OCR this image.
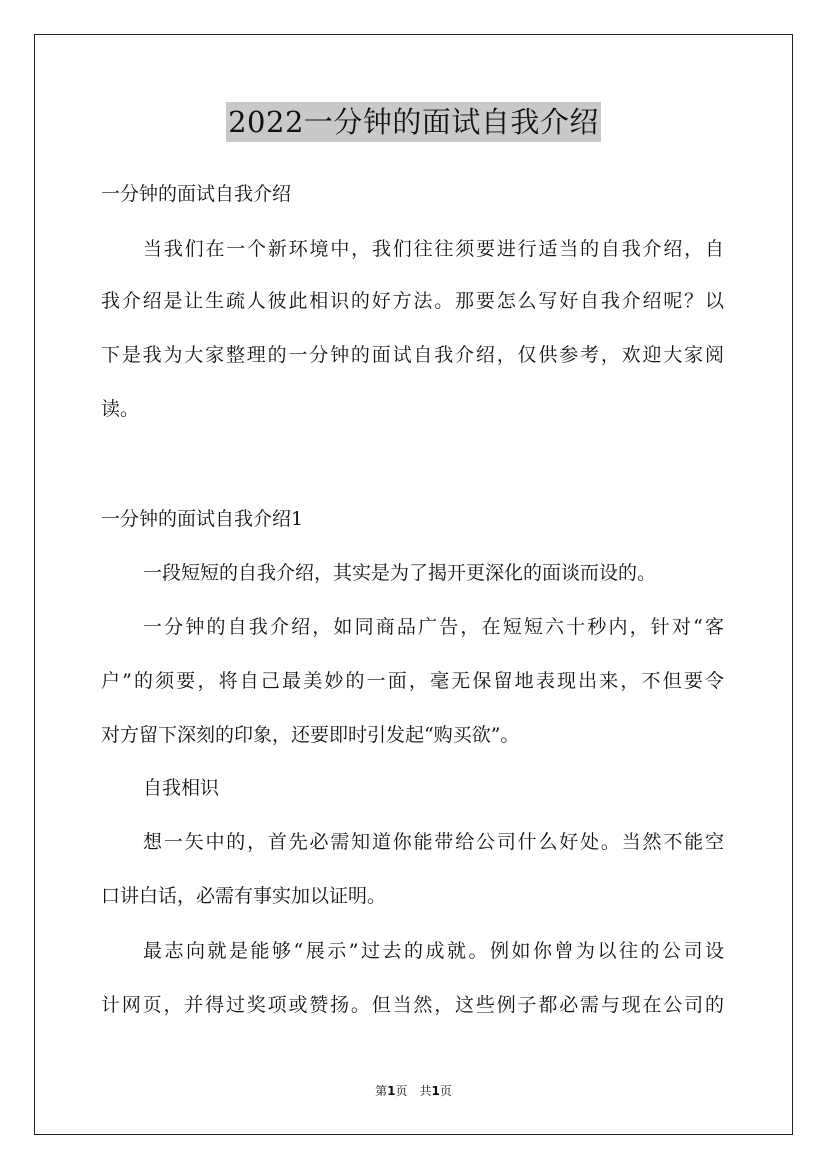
2022一分钟的面试自我介绍
一分钟的面试自我介绍
当我们在一个新环境中，我们往往须要进行适当的自我介绍，自
我介绍是让生疏人彼此相识的好方法。那要怎么写好自我介绍呢？以
下是我为大家整理的一分钟的面试自我介绍，仅供参考，欢迎大家阅
读。
一分钟的面试自我介绍1
一段短短的自我介绍，其实是为了揭开更深化的面谈而设的。
一分钟的自我介绍，如同商品广告，在短短六十秒内，针对“客
户”的须要，将自己最美妙的一面，毫无保留地表现出来，不但要令
对方留下深刻的印象，还要即时引发起“购买欲”。
自我相识
想一矢中的，首先必需知道你能带给公司什么好处。当然不能空
口讲白话，必需有事实加以证明。
最志向就是能够“展示”过去的成就。例如你曾为以往的公司设
计网页，并得过奖项或赞扬。但当然，这些例子都必需与现在公司的
第1页 共1页
